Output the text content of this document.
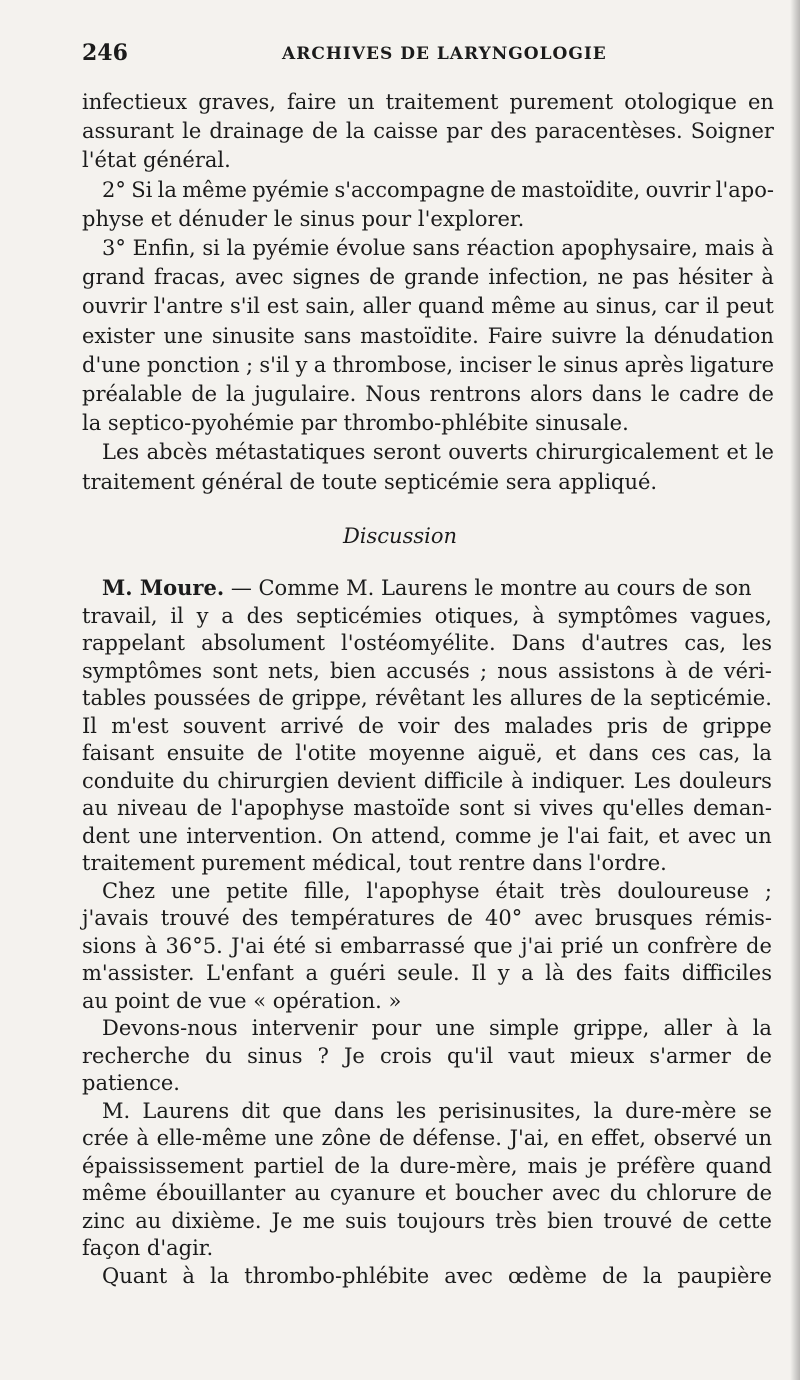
246	ARCHIVES DE LARYNGOLOGIE
infectieux graves, faire un traitement purement otologique en
assurant le drainage de la caisse par des paracentèses. Soigner
l'état général.
2° Si la même pyémie s'accompagne de mastoïdite, ouvrir l'apo-
physe et dénuder le sinus pour l'explorer.
3° Enfin, si la pyémie évolue sans réaction apophysaire, mais à
grand fracas, avec signes de grande infection, ne pas hésiter à
ouvrir l'antre s'il est sain, aller quand même au sinus, car il peut
exister une sinusite sans mastoïdite. Faire suivre la dénudation
d'une ponction ; s'il y a thrombose, inciser le sinus après ligature
préalable de la jugulaire. Nous rentrons alors dans le cadre de
la septico-pyohémie par thrombo-phlébite sinusale.
Les abcès métastatiques seront ouverts chirurgicalement et le
traitement général de toute septicémie sera appliqué.
Discussion
M. Moure. — Comme M. Laurens le montre au cours de son
travail, il y a des septicémies otiques, à symptômes vagues,
rappelant absolument l'ostéomyélite. Dans d'autres cas, les
symptômes sont nets, bien accusés ; nous assistons à de véri-
tables poussées de grippe, révêtant les allures de la septicémie.
Il m'est souvent arrivé de voir des malades pris de grippe
faisant ensuite de l'otite moyenne aiguë, et dans ces cas, la
conduite du chirurgien devient difficile à indiquer. Les douleurs
au niveau de l'apophyse mastoïde sont si vives qu'elles deman-
dent une intervention. On attend, comme je l'ai fait, et avec un
traitement purement médical, tout rentre dans l'ordre.
Chez une petite fille, l'apophyse était très douloureuse ;
j'avais trouvé des températures de 40° avec brusques rémis-
sions à 36°5. J'ai été si embarrassé que j'ai prié un confrère de
m'assister. L'enfant a guéri seule. Il y a là des faits difficiles
au point de vue « opération. »
Devons-nous intervenir pour une simple grippe, aller à la
recherche du sinus ? Je crois qu'il vaut mieux s'armer de
patience.
M. Laurens dit que dans les perisinusites, la dure-mère se
crée à elle-même une zône de défense. J'ai, en effet, observé un
épaississement partiel de la dure-mère, mais je préfère quand
même ébouillanter au cyanure et boucher avec du chlorure de
zinc au dixième. Je me suis toujours très bien trouvé de cette
façon d'agir.
Quant à la thrombo-phlébite avec œdème de la paupière
